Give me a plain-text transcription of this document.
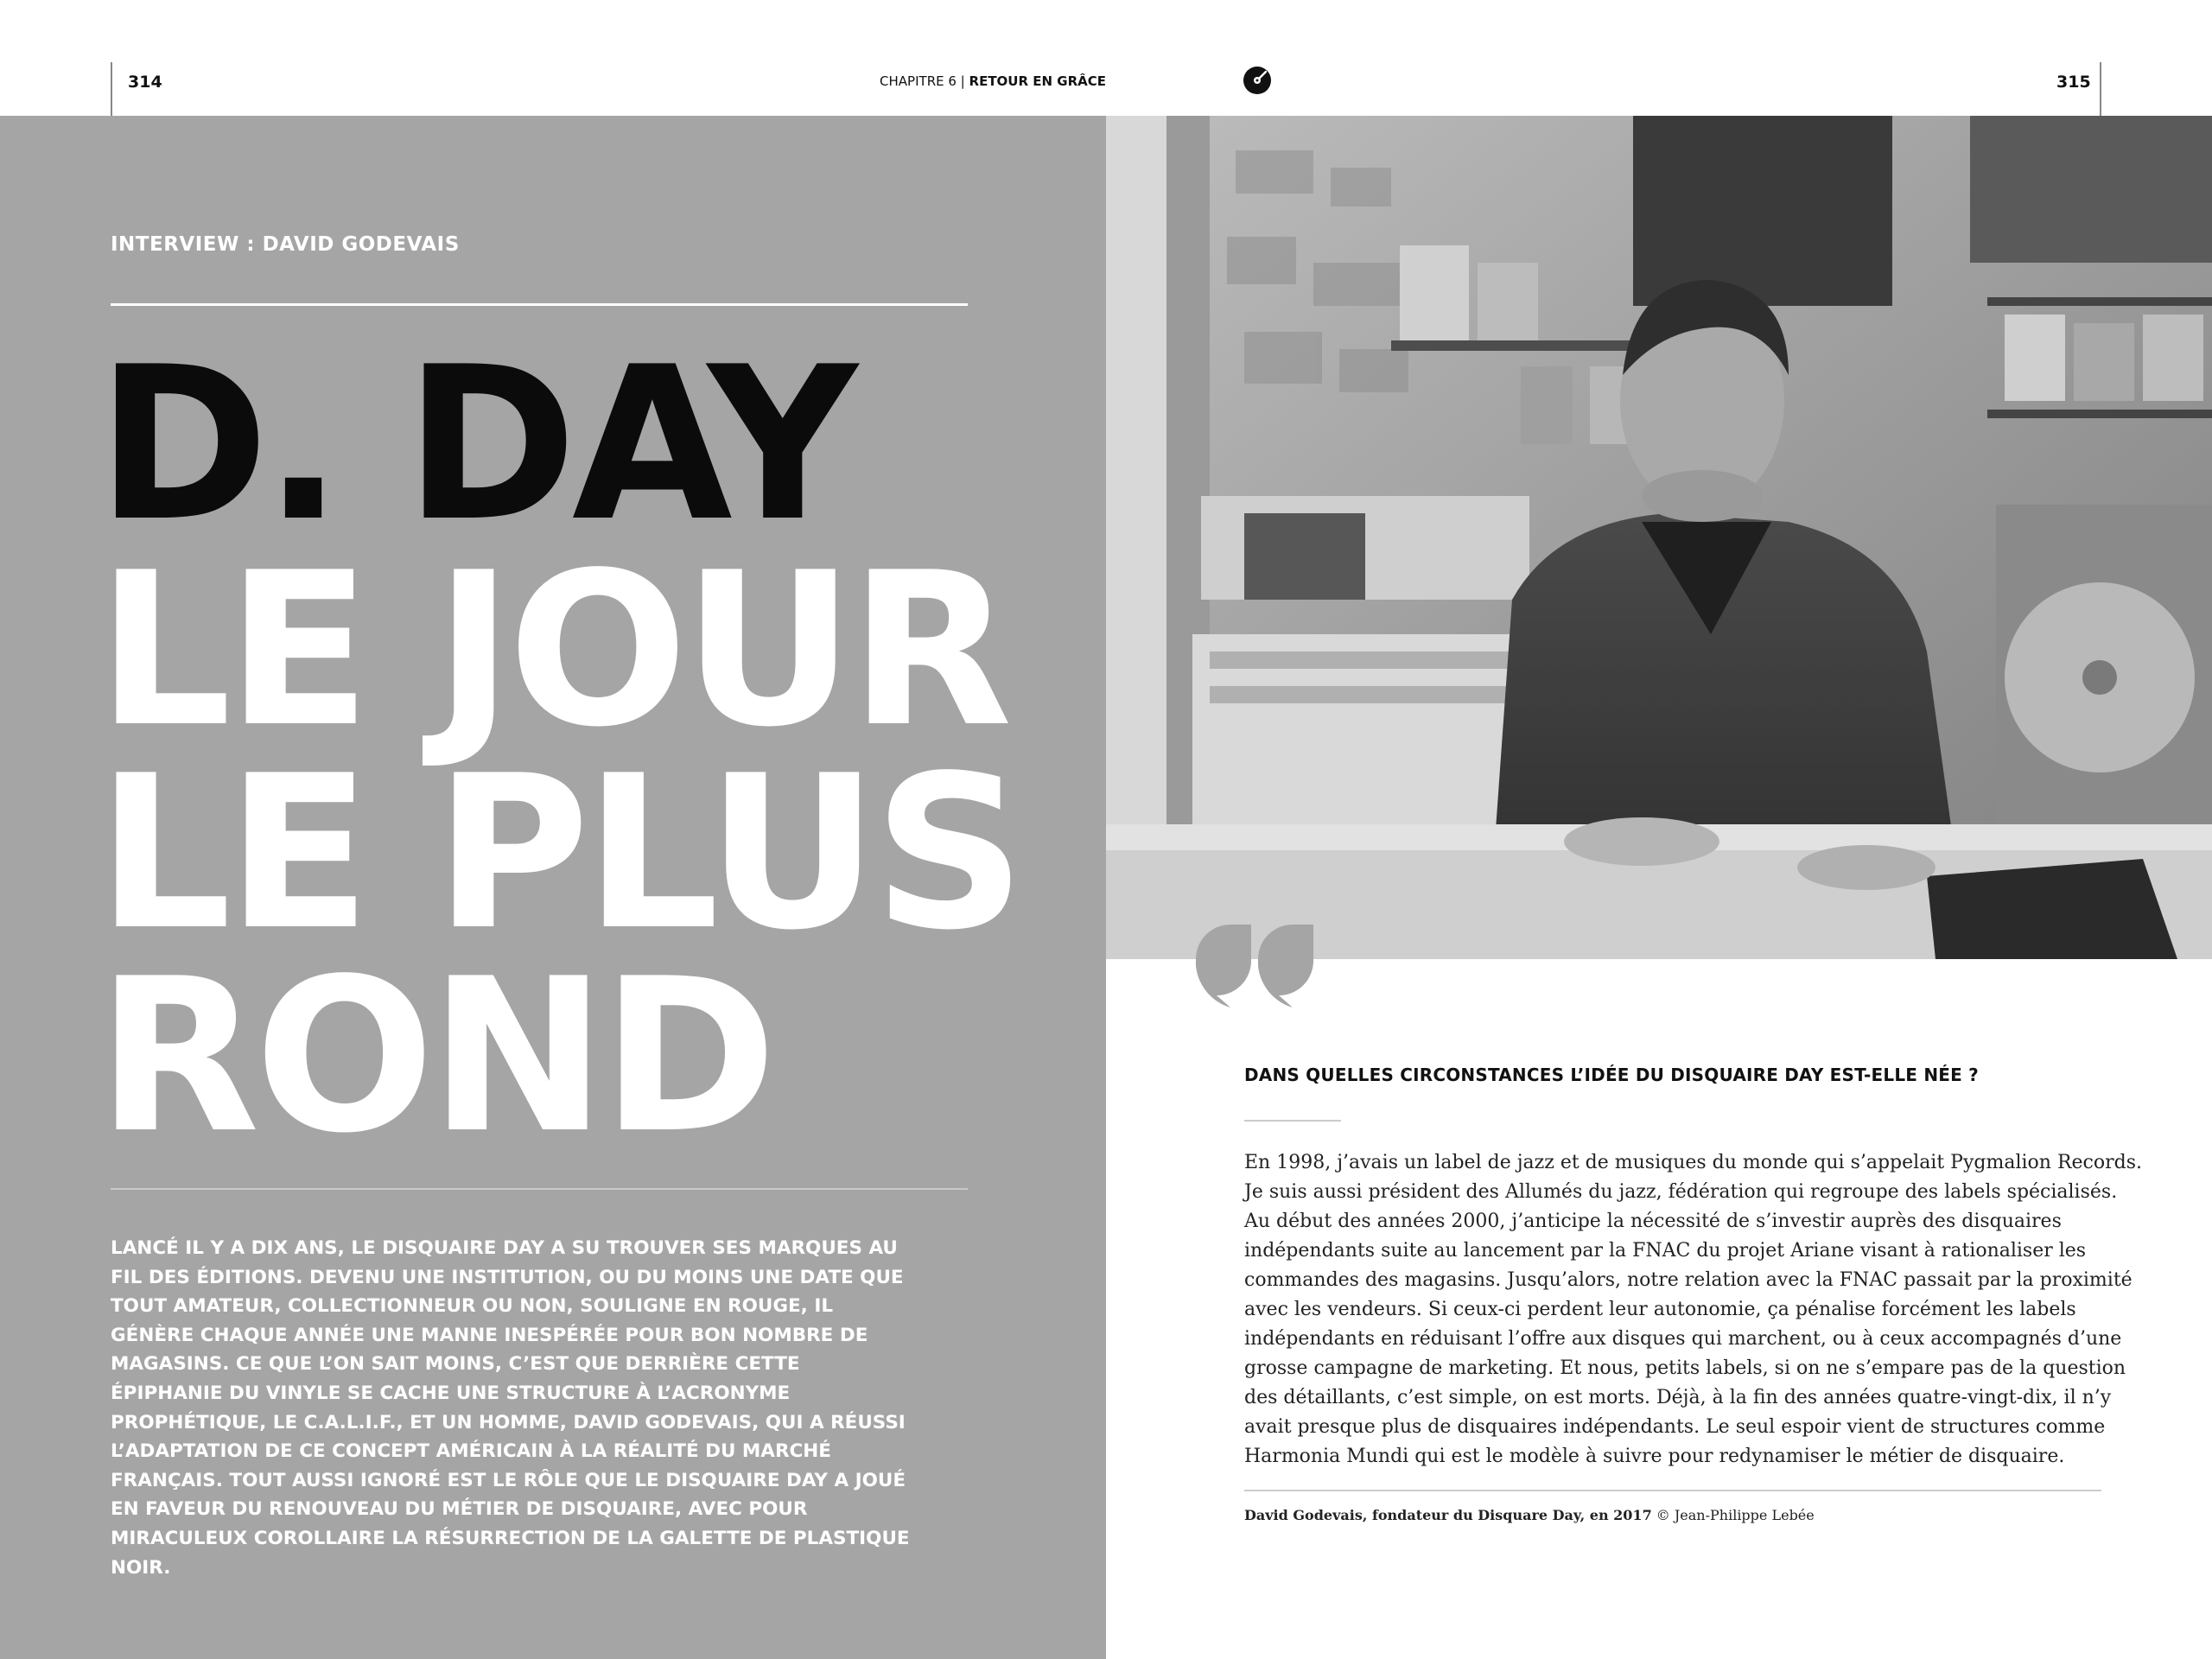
314	CHAPITRE 6 | RETOUR EN GRÂCE	315
INTERVIEW : DAVID GODEVAIS
D. DAY
LE JOUR
LE PLUS
ROND
LANCÉ IL Y A DIX ANS, LE DISQUAIRE DAY A SU TROUVER SES MARQUES AU FIL DES ÉDITIONS. DEVENU UNE INSTITUTION, OU DU MOINS UNE DATE QUE TOUT AMATEUR, COLLECTIONNEUR OU NON, SOULIGNE EN ROUGE, IL GÉNÈRE CHAQUE ANNÉE UNE MANNE INESPÉRÉE POUR BON NOMBRE DE MAGASINS. CE QUE L’ON SAIT MOINS, C’EST QUE DERRIÈRE CETTE ÉPIPHANIE DU VINYLE SE CACHE UNE STRUCTURE À L’ACRONYME PROPHÉTIQUE, LE C.A.L.I.F., ET UN HOMME, DAVID GODEVAIS, QUI A RÉUSSI L’ADAPTATION DE CE CONCEPT AMÉRICAIN À LA RÉALITÉ DU MARCHÉ FRANÇAIS. TOUT AUSSI IGNORÉ EST LE RÔLE QUE LE DISQUAIRE DAY A JOUÉ EN FAVEUR DU RENOUVEAU DU MÉTIER DE DISQUAIRE, AVEC POUR MIRACULEUX COROLLAIRE LA RÉSURRECTION DE LA GALETTE DE PLASTIQUE NOIR.
DANS QUELLES CIRCONSTANCES L’IDÉE DU DISQUAIRE DAY EST-ELLE NÉE ?
En 1998, j’avais un label de jazz et de musiques du monde qui s’appelait Pygmalion Records.
Je suis aussi président des Allumés du jazz, fédération qui regroupe des labels spécialisés.
Au début des années 2000, j’anticipe la nécessité de s’investir auprès des disquaires
indépendants suite au lancement par la FNAC du projet Ariane visant à rationaliser les
commandes des magasins. Jusqu’alors, notre relation avec la FNAC passait par la proximité
avec les vendeurs. Si ceux-ci perdent leur autonomie, ça pénalise forcément les labels
indépendants en réduisant l’offre aux disques qui marchent, ou à ceux accompagnés d’une
grosse campagne de marketing. Et nous, petits labels, si on ne s’empare pas de la question
des détaillants, c’est simple, on est morts. Déjà, à la fin des années quatre-vingt-dix, il n’y
avait presque plus de disquaires indépendants. Le seul espoir vient de structures comme
Harmonia Mundi qui est le modèle à suivre pour redynamiser le métier de disquaire.
David Godevais, fondateur du Disquare Day, en 2017 © Jean-Philippe Lebée
